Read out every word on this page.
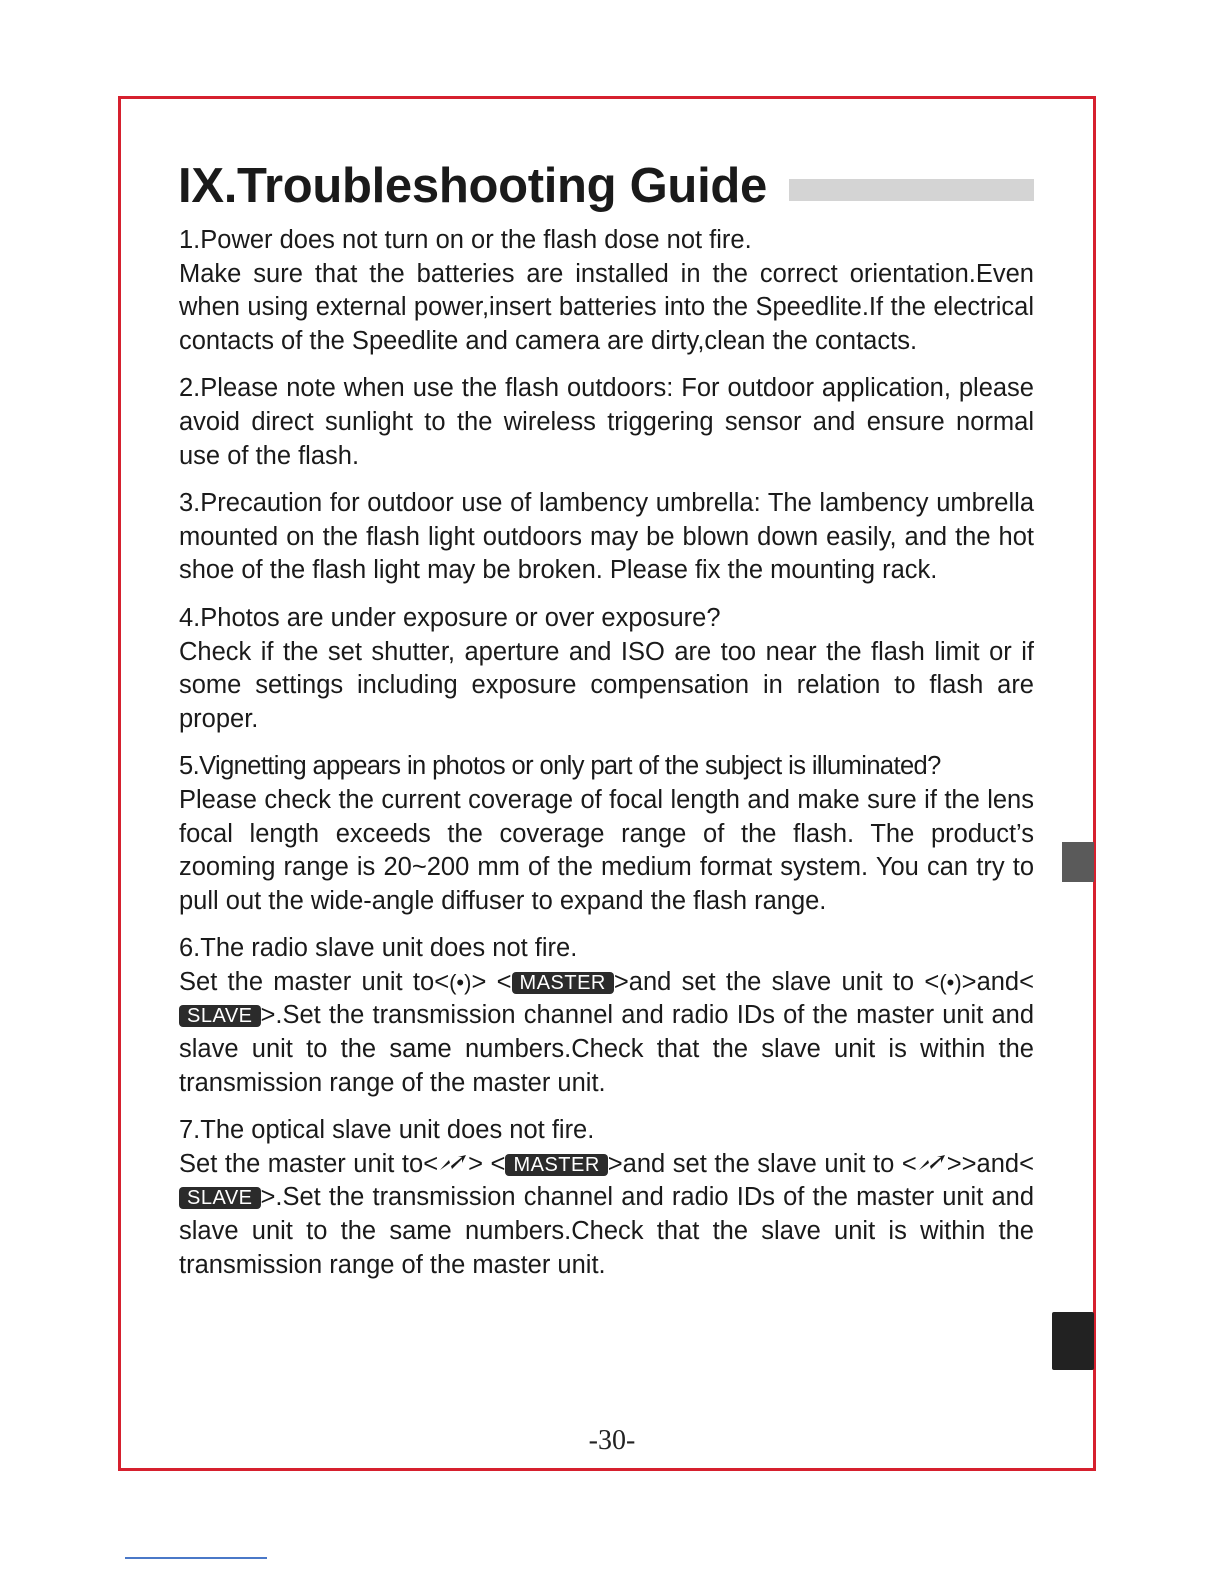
IX.Troubleshooting Guide

1.Power does not turn on or the flash dose not fire.

Make sure that the batteries are installed in the correct orientation.Even when using external power,insert batteries into the Speedlite.If the electrical contacts of the Speedlite and camera are dirty,clean the contacts.

2.Please note when use the flash outdoors: For outdoor application, please avoid direct sunlight to the wireless triggering sensor and ensure normal use of the flash.

3.Precaution for outdoor use of lambency umbrella: The lambency umbrella mounted on the flash light outdoors may be blown down easily, and the hot shoe of the flash light may be broken. Please fix the mounting rack.

4.Photos are under exposure or over exposure?

Check if the set shutter, aperture and ISO are too near the flash limit or if some settings including exposure compensation in relation to flash are proper.

5.Vignetting appears in photos or only part of the subject is illuminated?

Please check the current coverage of focal length and make sure if the lens focal length exceeds the coverage range of the flash. The product’s zooming range is 20~200 mm of the medium format system. You can try to pull out the wide-angle diffuser to expand the flash range.

6.The radio slave unit does not fire.

Set the master unit to<(•)> < MASTER >and set the slave unit to <(•)>and<SLAVE >.Set the transmission channel and radio IDs of the master unit and slave unit to the same numbers.Check that the slave unit is within the transmission range of the master unit.

7.The optical slave unit does not fire.

Set the master unit to< > < MASTER >and set the slave unit to < >>and<SLAVE >.Set the transmission channel and radio IDs of the master unit and slave unit to the same numbers.Check that the slave unit is within the transmission range of the master unit.

-30-
